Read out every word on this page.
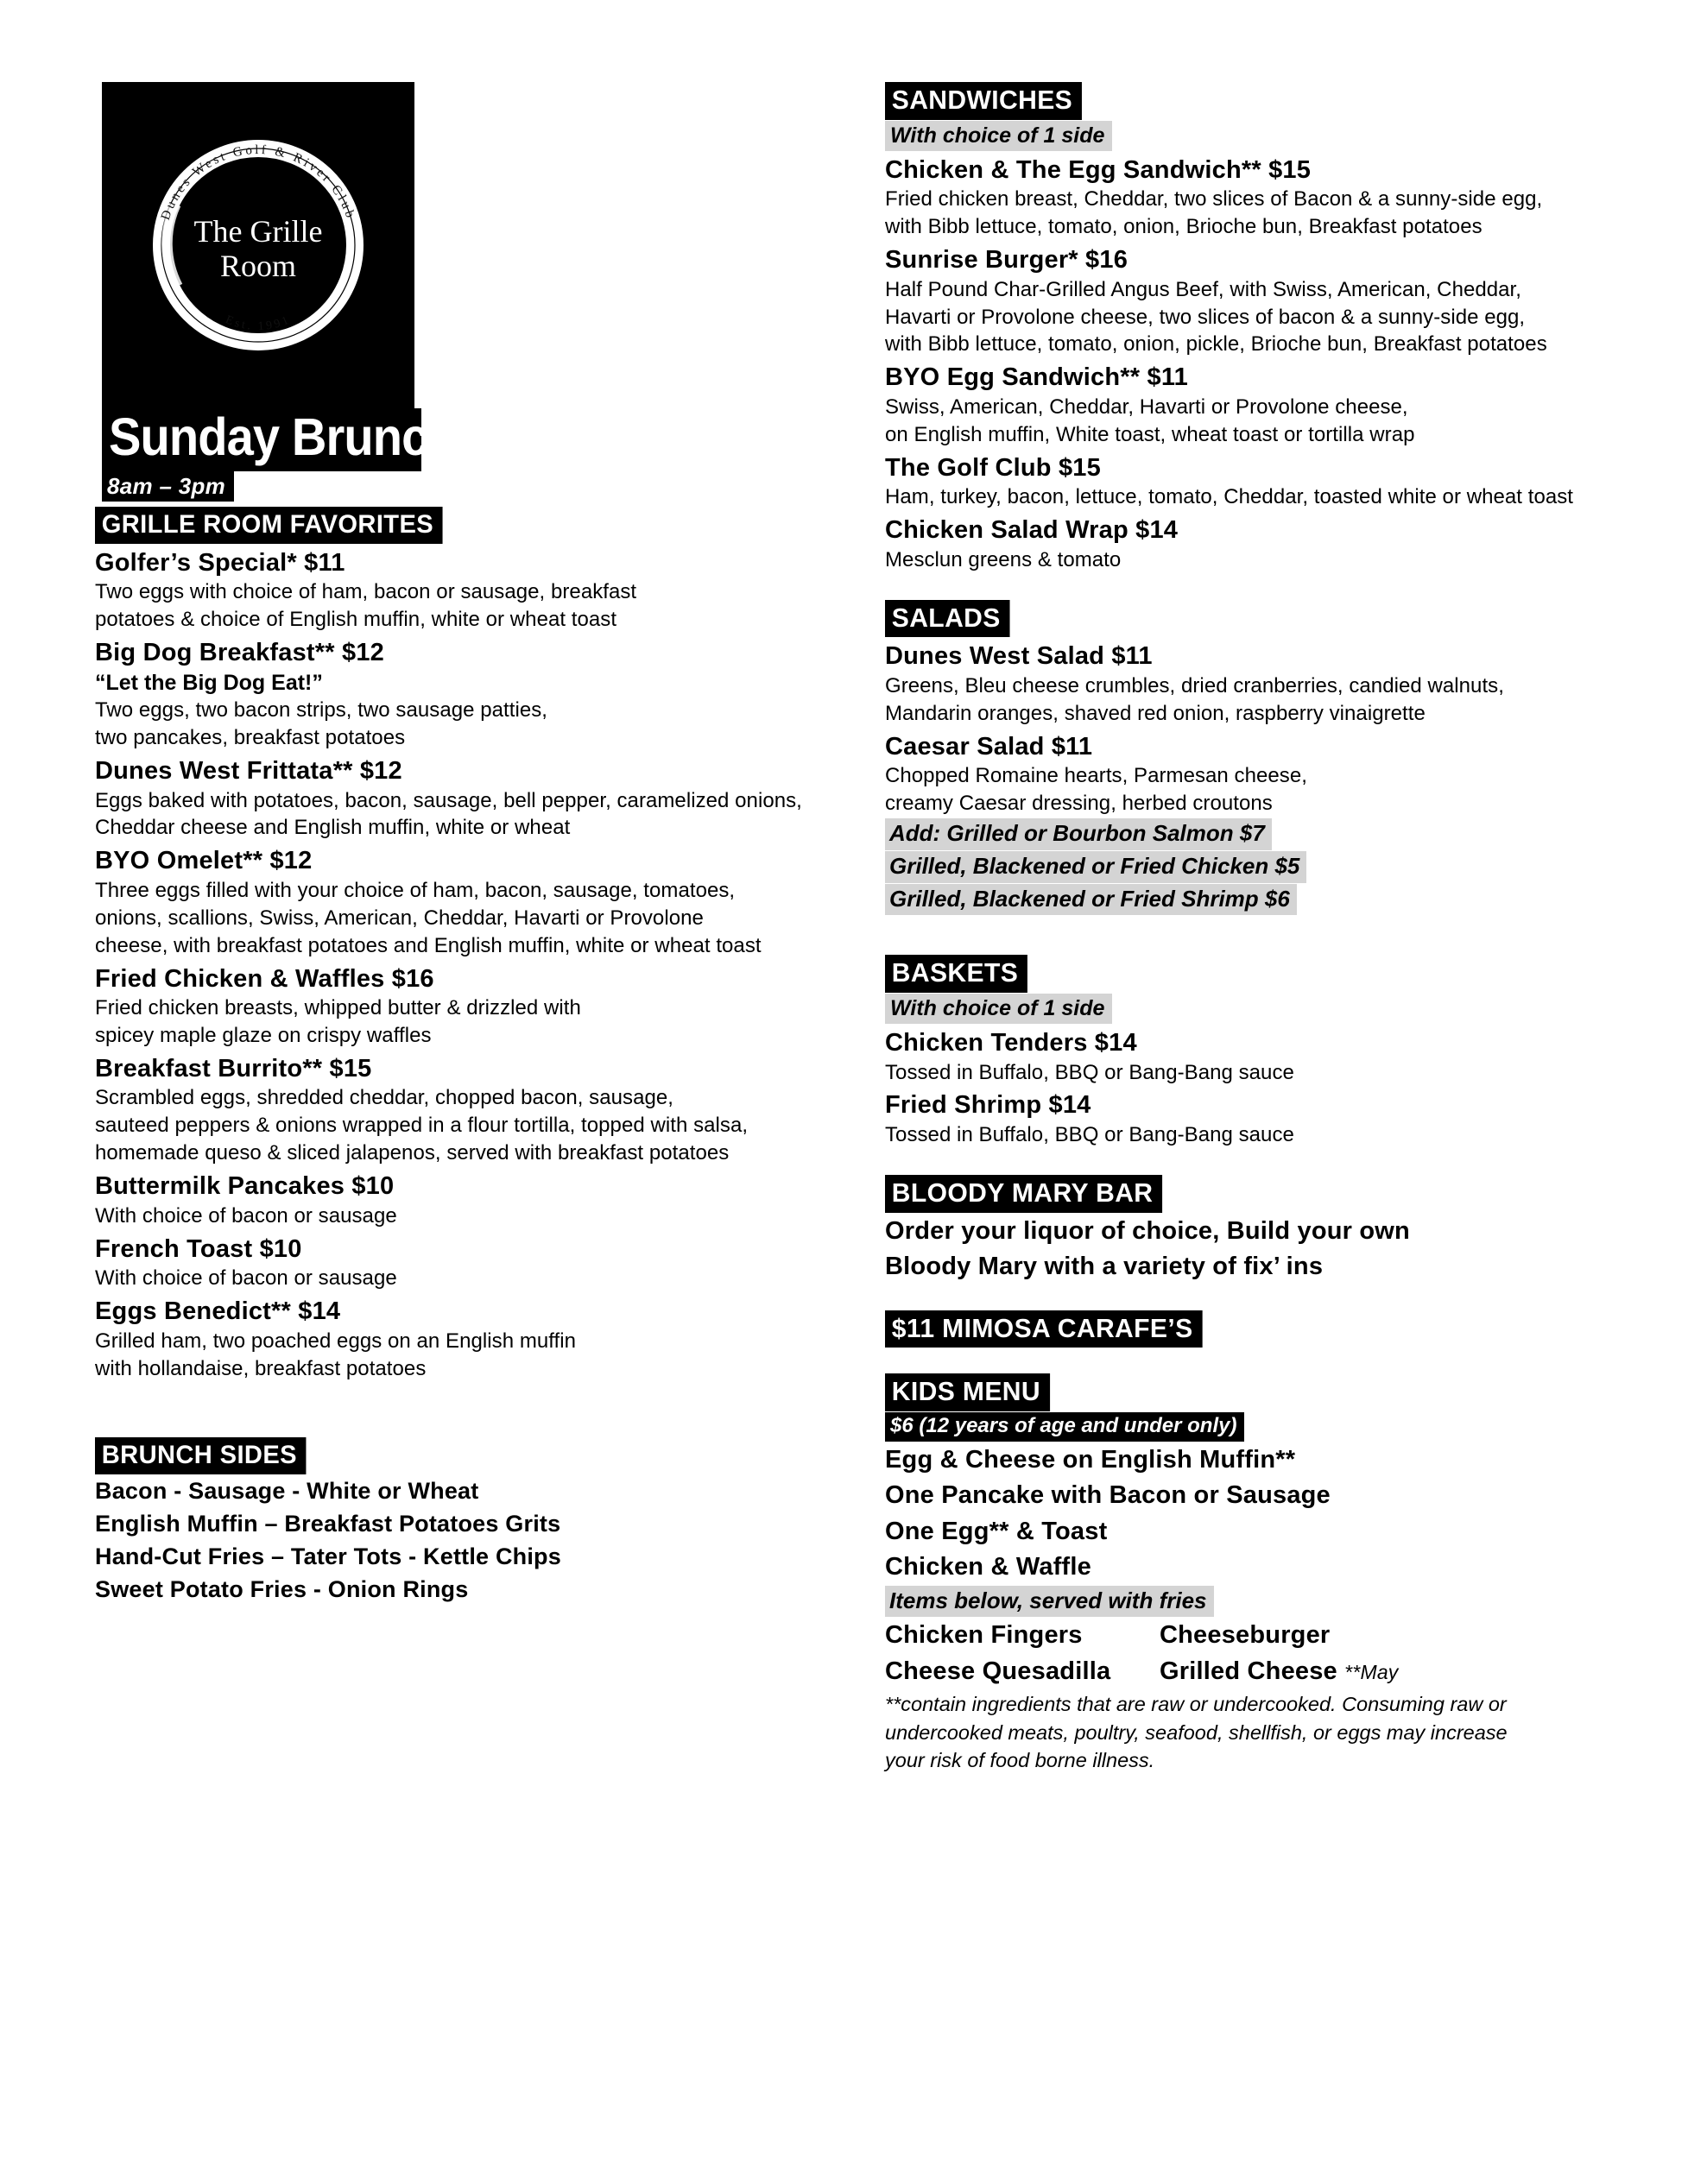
Dunes West Golf & River Club
Est. 1991
The Grille
Room
Sunday Brunch
8am – 3pm
GRILLE ROOM FAVORITES
Golfer’s Special* $11
Two eggs with choice of ham, bacon or sausage, breakfast
potatoes & choice of English muffin, white or wheat toast
Big Dog Breakfast** $12
“Let the Big Dog Eat!”
Two eggs, two bacon strips, two sausage patties,
two pancakes, breakfast potatoes
Dunes West Frittata** $12
Eggs baked with potatoes, bacon, sausage, bell pepper, caramelized onions,
Cheddar cheese and English muffin, white or wheat
BYO Omelet** $12
Three eggs filled with your choice of ham, bacon, sausage, tomatoes,
onions, scallions, Swiss, American, Cheddar, Havarti or Provolone
cheese, with breakfast potatoes and English muffin, white or wheat toast
Fried Chicken & Waffles $16
Fried chicken breasts, whipped butter & drizzled with
spicey maple glaze on crispy waffles
Breakfast Burrito** $15
Scrambled eggs, shredded cheddar, chopped bacon, sausage,
sauteed peppers & onions wrapped in a flour tortilla, topped with salsa,
homemade queso & sliced jalapenos, served with breakfast potatoes
Buttermilk Pancakes $10
With choice of bacon or sausage
French Toast $10
With choice of bacon or sausage
Eggs Benedict** $14
Grilled ham, two poached eggs on an English muffin
with hollandaise, breakfast potatoes
BRUNCH SIDES
Bacon - Sausage - White or Wheat
English Muffin – Breakfast Potatoes Grits
Hand-Cut Fries – Tater Tots - Kettle Chips
Sweet Potato Fries - Onion Rings
SANDWICHES
With choice of 1 side
Chicken & The Egg Sandwich** $15
Fried chicken breast, Cheddar, two slices of Bacon & a sunny-side egg,
with Bibb lettuce, tomato, onion, Brioche bun, Breakfast potatoes
Sunrise Burger* $16
Half Pound Char-Grilled Angus Beef, with Swiss, American, Cheddar,
Havarti or Provolone cheese, two slices of bacon & a sunny-side egg,
with Bibb lettuce, tomato, onion, pickle, Brioche bun, Breakfast potatoes
BYO Egg Sandwich** $11
Swiss, American, Cheddar, Havarti or Provolone cheese,
on English muffin, White toast, wheat toast or tortilla wrap
The Golf Club $15
Ham, turkey, bacon, lettuce, tomato, Cheddar, toasted white or wheat toast
Chicken Salad Wrap $14
Mesclun greens & tomato
SALADS
Dunes West Salad $11
Greens, Bleu cheese crumbles, dried cranberries, candied walnuts,
Mandarin oranges, shaved red onion, raspberry vinaigrette
Caesar Salad $11
Chopped Romaine hearts, Parmesan cheese,
creamy Caesar dressing, herbed croutons
Add: Grilled or Bourbon Salmon $7
Grilled, Blackened or Fried Chicken $5
Grilled, Blackened or Fried Shrimp $6
BASKETS
With choice of 1 side
Chicken Tenders $14
Tossed in Buffalo, BBQ or Bang-Bang sauce
Fried Shrimp $14
Tossed in Buffalo, BBQ or Bang-Bang sauce
BLOODY MARY BAR
Order your liquor of choice, Build your own
Bloody Mary with a variety of fix’ ins
$11 MIMOSA CARAFE’S
KIDS MENU
$6 (12 years of age and under only)
Egg & Cheese on English Muffin**
One Pancake with Bacon or Sausage
One Egg** & Toast
Chicken & Waffle
Items below, served with fries
Chicken Fingers	Cheeseburger
Cheese Quesadilla	Grilled Cheese **May
**contain ingredients that are raw or undercooked. Consuming raw or
undercooked meats, poultry, seafood, shellfish, or eggs may increase
your risk of food borne illness.
